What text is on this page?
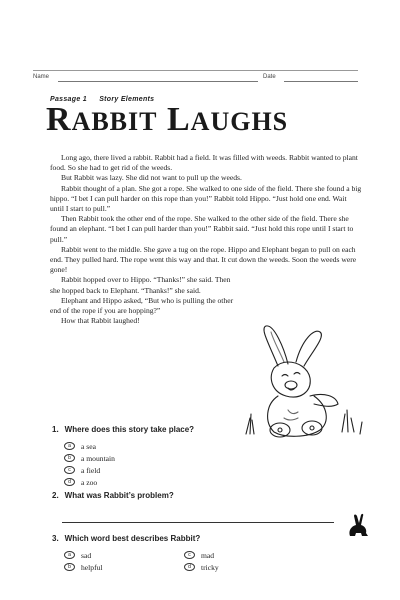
Name	Date
Passage 1 Story Elements
RABBIT LAUGHS

Long ago, there lived a rabbit. Rabbit had a field. It was filled with weeds. Rabbit wanted to plant food. So she had to get rid of the weeds.

But Rabbit was lazy. She did not want to pull up the weeds.

Rabbit thought of a plan. She got a rope. She walked to one side of the field. There she found a big hippo. “I bet I can pull harder on this rope than you!” Rabbit told Hippo. “Just hold one end. Wait until I start to pull.”

Then Rabbit took the other end of the rope. She walked to the other side of the field. There she found an elephant. “I bet I can pull harder than you!” Rabbit said. “Just hold this rope until I start to pull.”

Rabbit went to the middle. She gave a tug on the rope. Hippo and Elephant began to pull on each end. They pulled hard. The rope went this way and that. It cut down the weeds. Soon the weeds were gone!

Rabbit hopped over to Hippo. “Thanks!” she said. Then she hopped back to Elephant. “Thanks!” she said.

Elephant and Hippo asked, “But who is pulling the other end of the rope if you are hopping?”

How that Rabbit laughed!

1. Where does this story take place?
a	a sea
b	a mountain
c	a field
d	a zoo
2. What was Rabbit’s problem?
3. Which word best describes Rabbit?
a	sad
b	helpful
c	mad
d	tricky
